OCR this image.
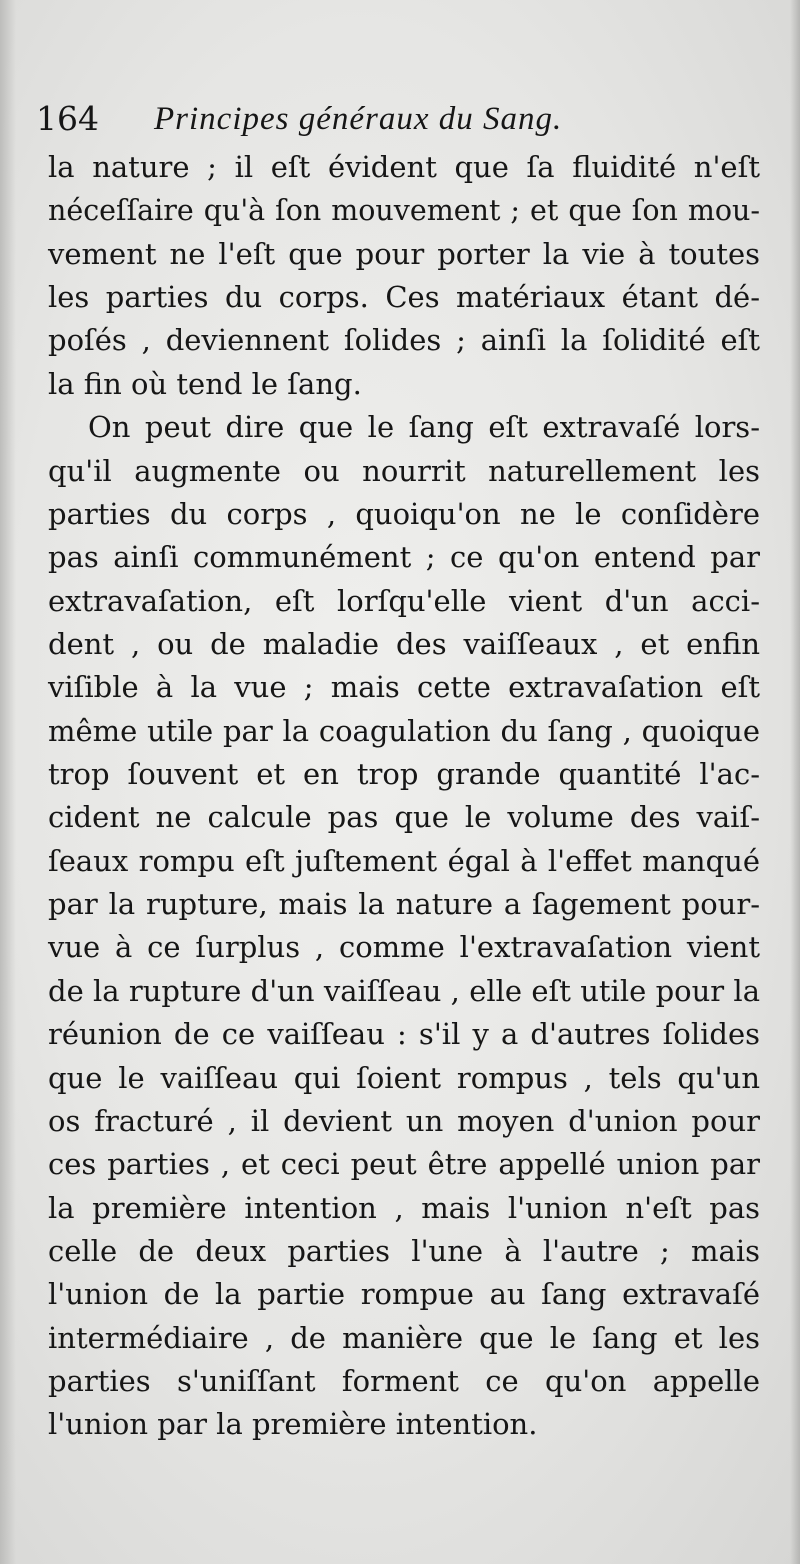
164 Principes généraux du Sang.
la nature ; il eſt évident que ſa fluidité n'eſt
néceſſaire qu'à ſon mouvement ; et que ſon mou-
vement ne l'eſt que pour porter la vie à toutes
les parties du corps. Ces matériaux étant dé-
poſés , deviennent ſolides ; ainſi la ſolidité eſt
la fin où tend le ſang.
On peut dire que le ſang eſt extravaſé lors-
qu'il augmente ou nourrit naturellement les
parties du corps , quoiqu'on ne le conſidère
pas ainſi communément ; ce qu'on entend par
extravaſation, eſt lorſqu'elle vient d'un acci-
dent , ou de maladie des vaiſſeaux , et enfin
viſible à la vue ; mais cette extravaſation eſt
même utile par la coagulation du ſang , quoique
trop ſouvent et en trop grande quantité l'ac-
cident ne calcule pas que le volume des vaiſ-
ſeaux rompu eſt juſtement égal à l'effet manqué
par la rupture, mais la nature a ſagement pour-
vue à ce ſurplus , comme l'extravaſation vient
de la rupture d'un vaiſſeau , elle eſt utile pour la
réunion de ce vaiſſeau : s'il y a d'autres ſolides
que le vaiſſeau qui ſoient rompus , tels qu'un
os fracturé , il devient un moyen d'union pour
ces parties , et ceci peut être appellé union par
la première intention , mais l'union n'eſt pas
celle de deux parties l'une à l'autre ; mais
l'union de la partie rompue au ſang extravaſé
intermédiaire , de manière que le ſang et les
parties s'uniſſant forment ce qu'on appelle
l'union par la première intention.
